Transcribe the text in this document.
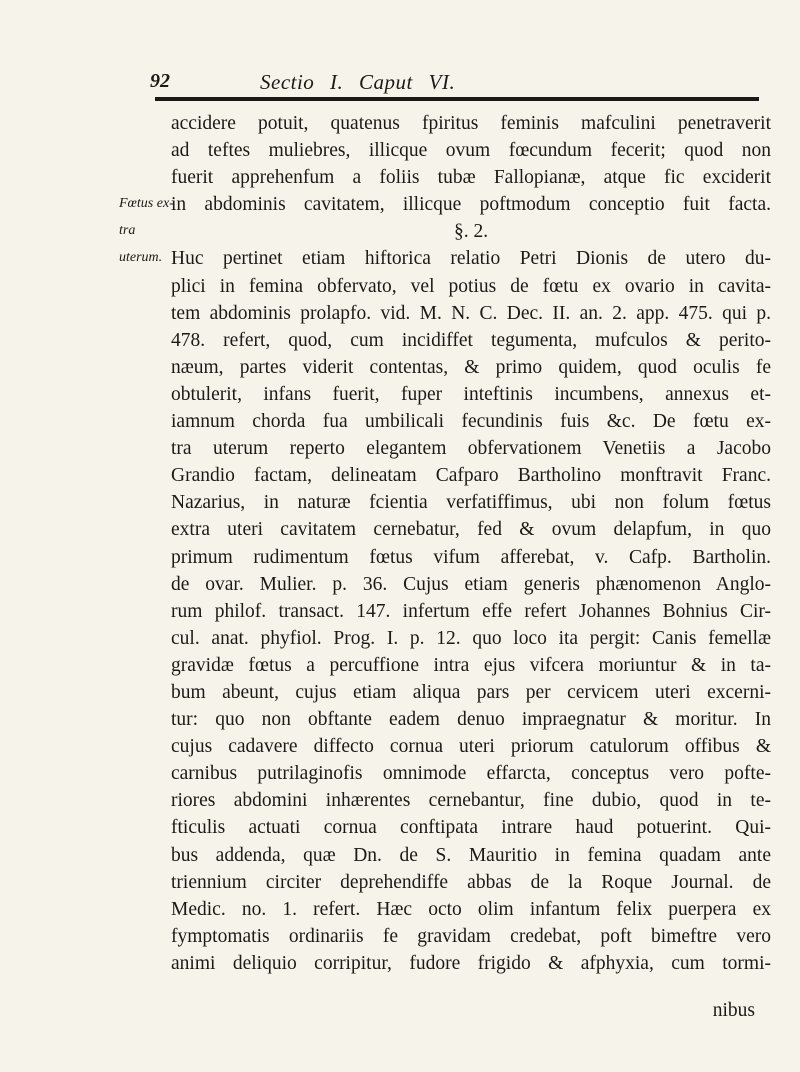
92	Sectio I. Caput VI.
Fœtus ex-
tra uterum.
accidere potuit, quatenus fpiritus feminis mafculini penetraverit
ad teftes muliebres, illicque ovum fœcundum fecerit; quod non
fuerit apprehenfum a foliis tubæ Fallopianæ, atque fic exciderit
in abdominis cavitatem, illicque poftmodum conceptio fuit facta.
§. 2.
Huc pertinet etiam hiftorica relatio Petri Dionis de utero du-
plici in femina obfervato, vel potius de fœtu ex ovario in cavita-
tem abdominis prolapfo. vid. M. N. C. Dec. II. an. 2. app. 475. qui p.
478. refert, quod, cum incidiffet tegumenta, mufculos & perito-
næum, partes viderit contentas, & primo quidem, quod oculis fe
obtulerit, infans fuerit, fuper inteftinis incumbens, annexus et-
iamnum chorda fua umbilicali fecundinis fuis &c. De fœtu ex-
tra uterum reperto elegantem obfervationem Venetiis a Jacobo
Grandio factam, delineatam Cafparo Bartholino monftravit Franc.
Nazarius, in naturæ fcientia verfatiffimus, ubi non folum fœtus
extra uteri cavitatem cernebatur, fed & ovum delapfum, in quo
primum rudimentum fœtus vifum afferebat, v. Cafp. Bartholin.
de ovar. Mulier. p. 36. Cujus etiam generis phænomenon Anglo-
rum philof. transact. 147. infertum effe refert Johannes Bohnius Cir-
cul. anat. phyfiol. Prog. I. p. 12. quo loco ita pergit: Canis femellæ
gravidæ fœtus a percuffione intra ejus vifcera moriuntur & in ta-
bum abeunt, cujus etiam aliqua pars per cervicem uteri excerni-
tur: quo non obftante eadem denuo impraegnatur & moritur. In
cujus cadavere diffecto cornua uteri priorum catulorum offibus &
carnibus putrilaginofis omnimode effarcta, conceptus vero pofte-
riores abdomini inhærentes cernebantur, fine dubio, quod in te-
fticulis actuati cornua conftipata intrare haud potuerint. Qui-
bus addenda, quæ Dn. de S. Mauritio in femina quadam ante
triennium circiter deprehendiffe abbas de la Roque Journal. de
Medic. no. 1. refert. Hæc octo olim infantum felix puerpera ex
fymptomatis ordinariis fe gravidam credebat, poft bimeftre vero
animi deliquio corripitur, fudore frigido & afphyxia, cum tormi-
nibus
